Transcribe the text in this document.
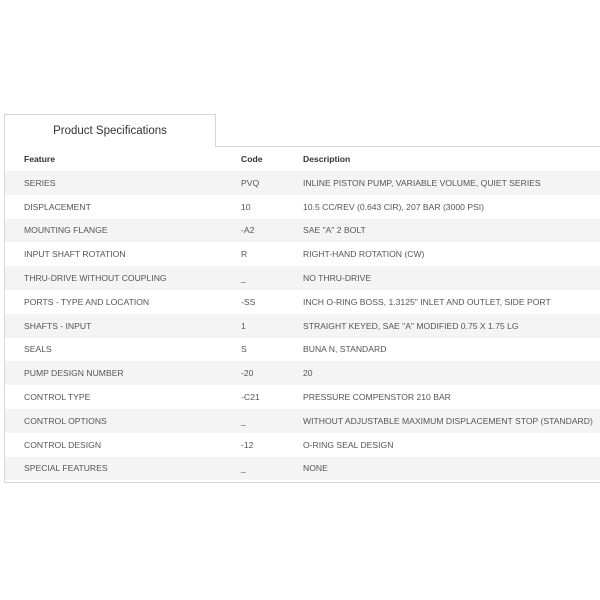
Product Specifications
Feature	Code	Description
SERIES	PVQ	INLINE PISTON PUMP, VARIABLE VOLUME, QUIET SERIES
DISPLACEMENT	10	10.5 CC/REV (0.643 CIR), 207 BAR (3000 PSI)
MOUNTING FLANGE	-A2	SAE "A" 2 BOLT
INPUT SHAFT ROTATION	R	RIGHT-HAND ROTATION (CW)
THRU-DRIVE WITHOUT COUPLING	_	NO THRU-DRIVE
PORTS - TYPE AND LOCATION	-SS	INCH O-RING BOSS, 1.3125" INLET AND OUTLET, SIDE PORT
SHAFTS - INPUT	1	STRAIGHT KEYED, SAE "A" MODIFIED 0.75 X 1.75 LG
SEALS	S	BUNA N, STANDARD
PUMP DESIGN NUMBER	-20	20
CONTROL TYPE	-C21	PRESSURE COMPENSTOR 210 BAR
CONTROL OPTIONS	_	WITHOUT ADJUSTABLE MAXIMUM DISPLACEMENT STOP (STANDARD)
CONTROL DESIGN	-12	O-RING SEAL DESIGN
SPECIAL FEATURES	_	NONE
